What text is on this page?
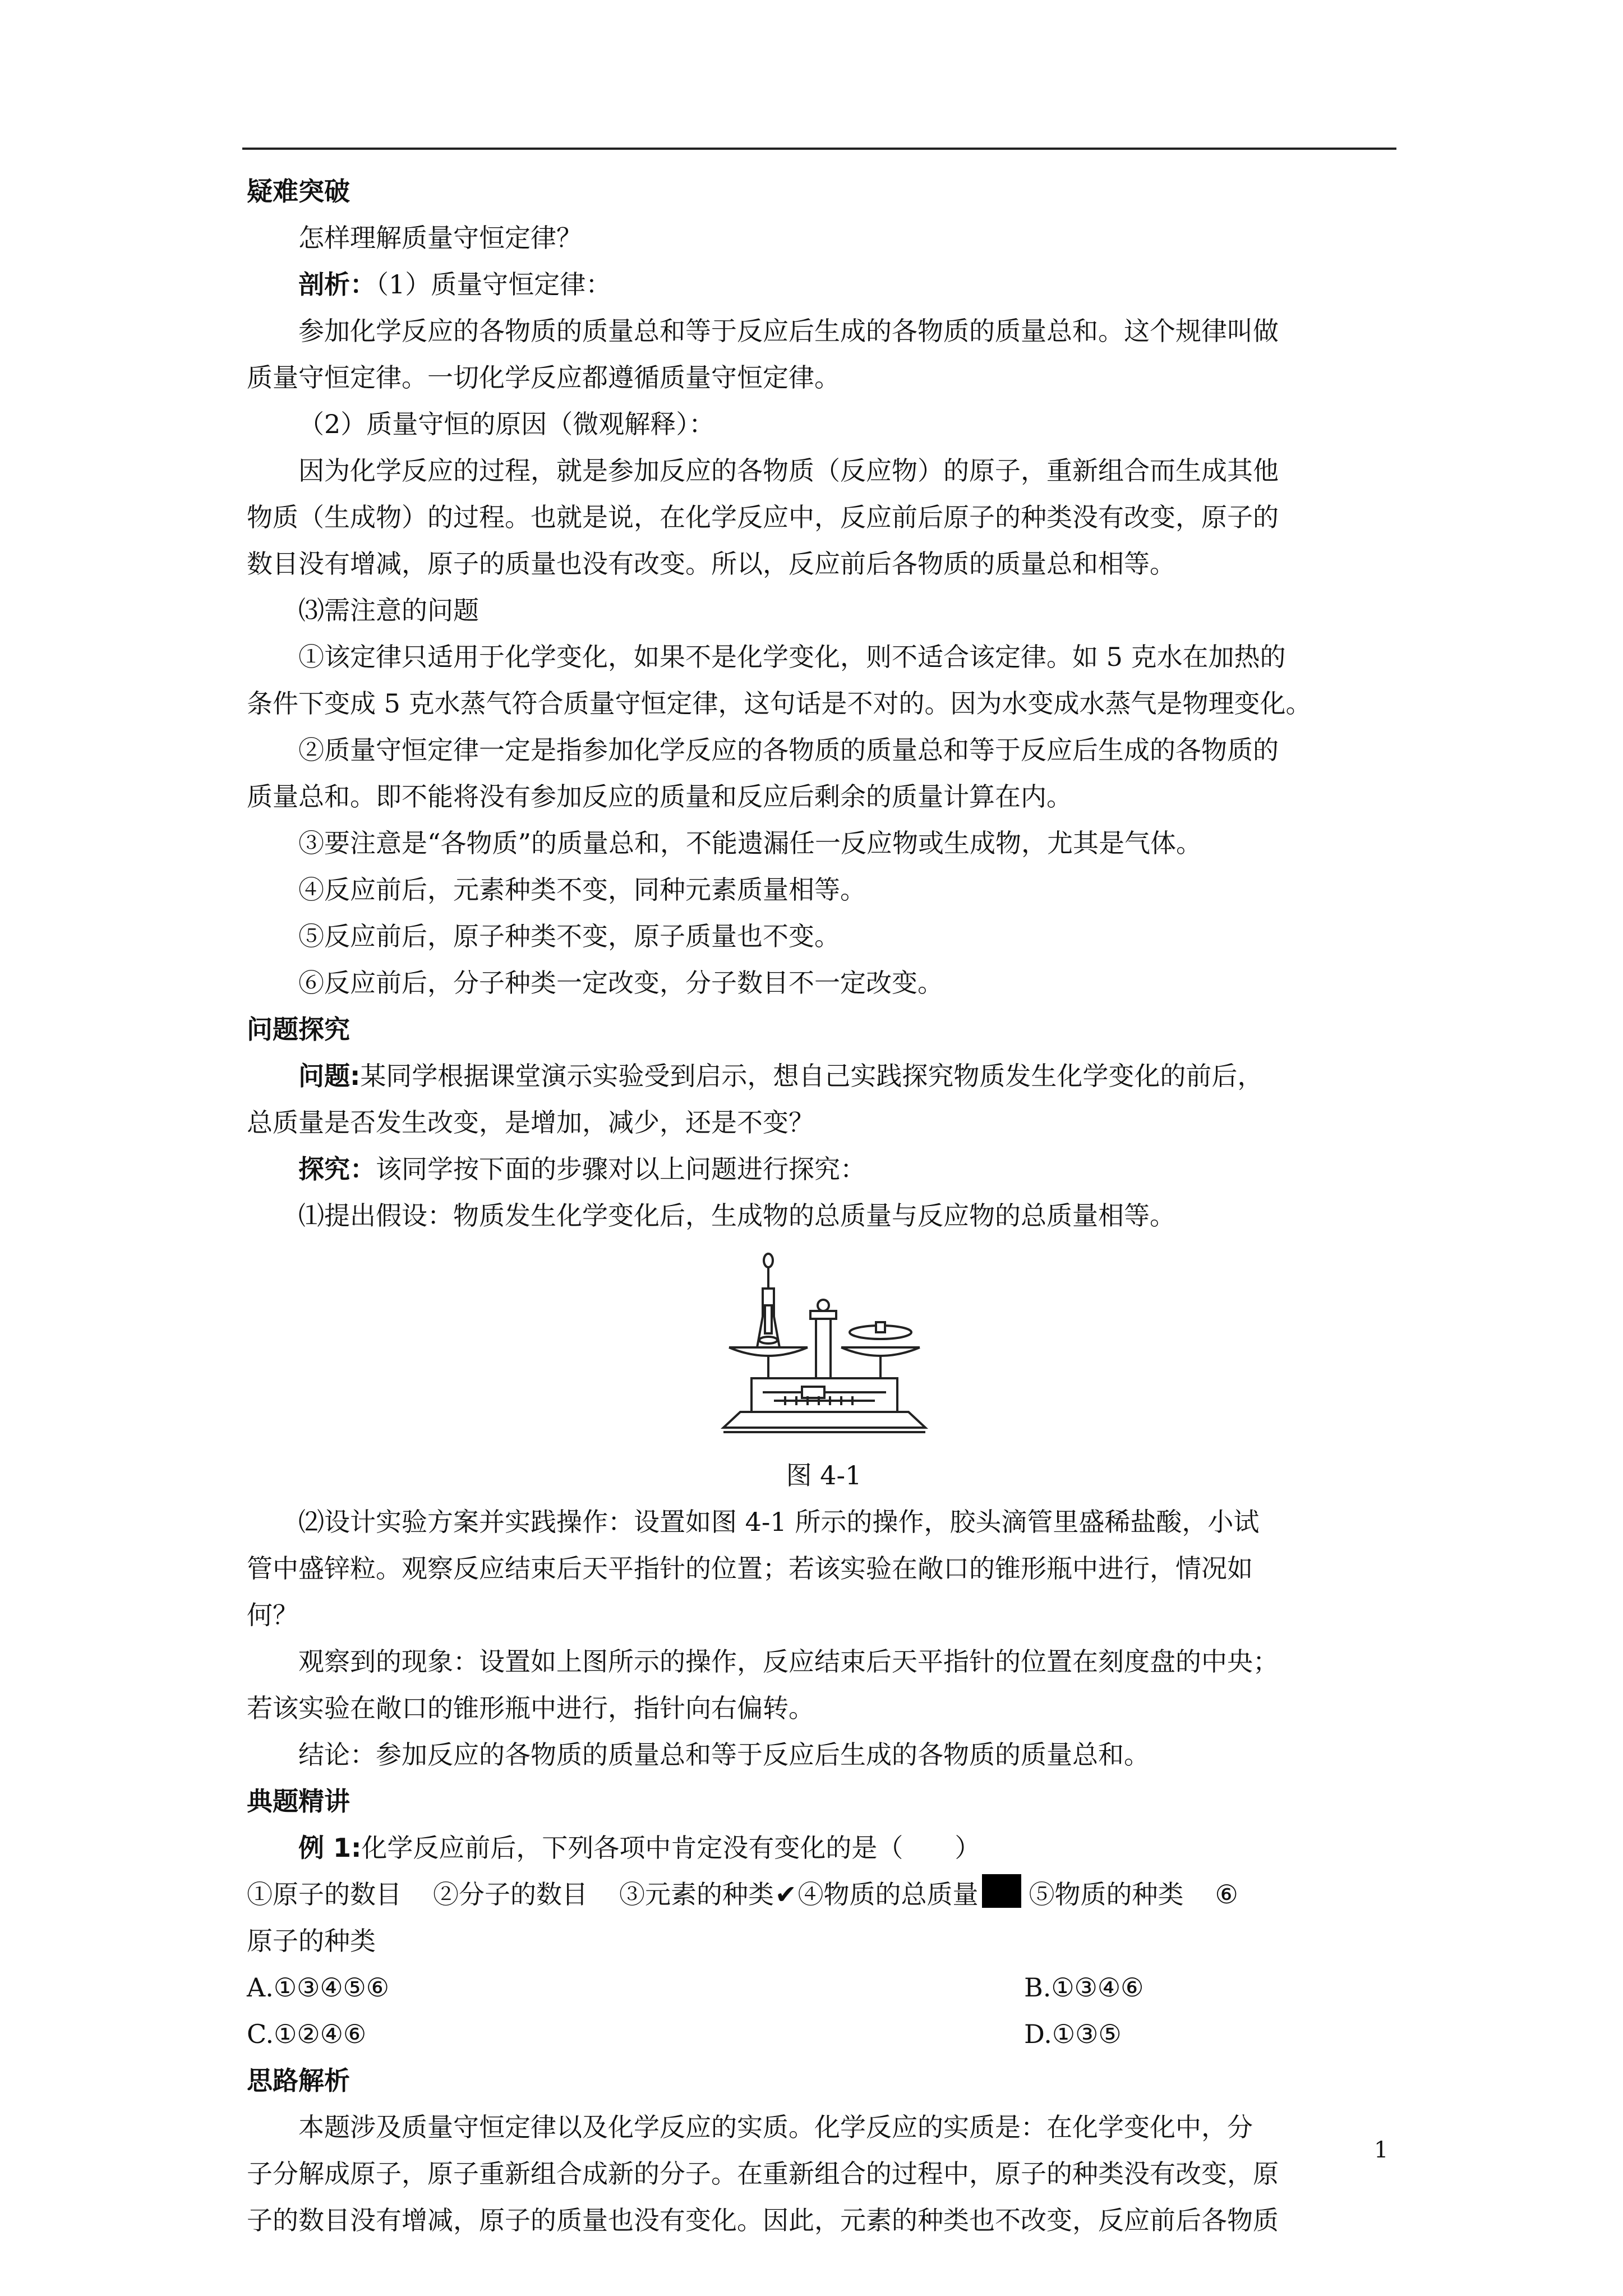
疑难突破
怎样理解质量守恒定律？
剖析：（1）质量守恒定律：
参加化学反应的各物质的质量总和等于反应后生成的各物质的质量总和。这个规律叫做
质量守恒定律。一切化学反应都遵循质量守恒定律。
（2）质量守恒的原因（微观解释）：
因为化学反应的过程，就是参加反应的各物质（反应物）的原子，重新组合而生成其他
物质（生成物）的过程。也就是说，在化学反应中，反应前后原子的种类没有改变，原子的
数目没有增减，原子的质量也没有改变。所以，反应前后各物质的质量总和相等。
⑶需注意的问题
①该定律只适用于化学变化，如果不是化学变化，则不适合该定律。如 5 克水在加热的
条件下变成 5 克水蒸气符合质量守恒定律，这句话是不对的。因为水变成水蒸气是物理变化。
②质量守恒定律一定是指参加化学反应的各物质的质量总和等于反应后生成的各物质的
质量总和。即不能将没有参加反应的质量和反应后剩余的质量计算在内。
③要注意是“各物质”的质量总和，不能遗漏任一反应物或生成物，尤其是气体。
④反应前后，元素种类不变，同种元素质量相等。
⑤反应前后，原子种类不变，原子质量也不变。
⑥反应前后，分子种类一定改变，分子数目不一定改变。
问题探究
问题:某同学根据课堂演示实验受到启示，想自己实践探究物质发生化学变化的前后，
总质量是否发生改变，是增加，减少，还是不变？
探究：该同学按下面的步骤对以上问题进行探究：
⑴提出假设：物质发生化学变化后，生成物的总质量与反应物的总质量相等。
图 4-1
⑵设计实验方案并实践操作：设置如图 4-1 所示的操作，胶头滴管里盛稀盐酸，小试
管中盛锌粒。观察反应结束后天平指针的位置；若该实验在敞口的锥形瓶中进行，情况如
何？
观察到的现象：设置如上图所示的操作，反应结束后天平指针的位置在刻度盘的中央；
若该实验在敞口的锥形瓶中进行，指针向右偏转。
结论：参加反应的各物质的质量总和等于反应后生成的各物质的质量总和。
典题精讲
例 1:化学反应前后，下列各项中肯定没有变化的是（　　）
①原子的数目 ②分子的数目 ③元素的种类✔④物质的总质量 ⑤物质的种类 ⑥
原子的种类
A.①③④⑤⑥	B.①③④⑥
C.①②④⑥	D.①③⑤
思路解析
本题涉及质量守恒定律以及化学反应的实质。化学反应的实质是：在化学变化中，分
子分解成原子，原子重新组合成新的分子。在重新组合的过程中，原子的种类没有改变，原
子的数目没有增减，原子的质量也没有变化。因此，元素的种类也不改变，反应前后各物质
1
